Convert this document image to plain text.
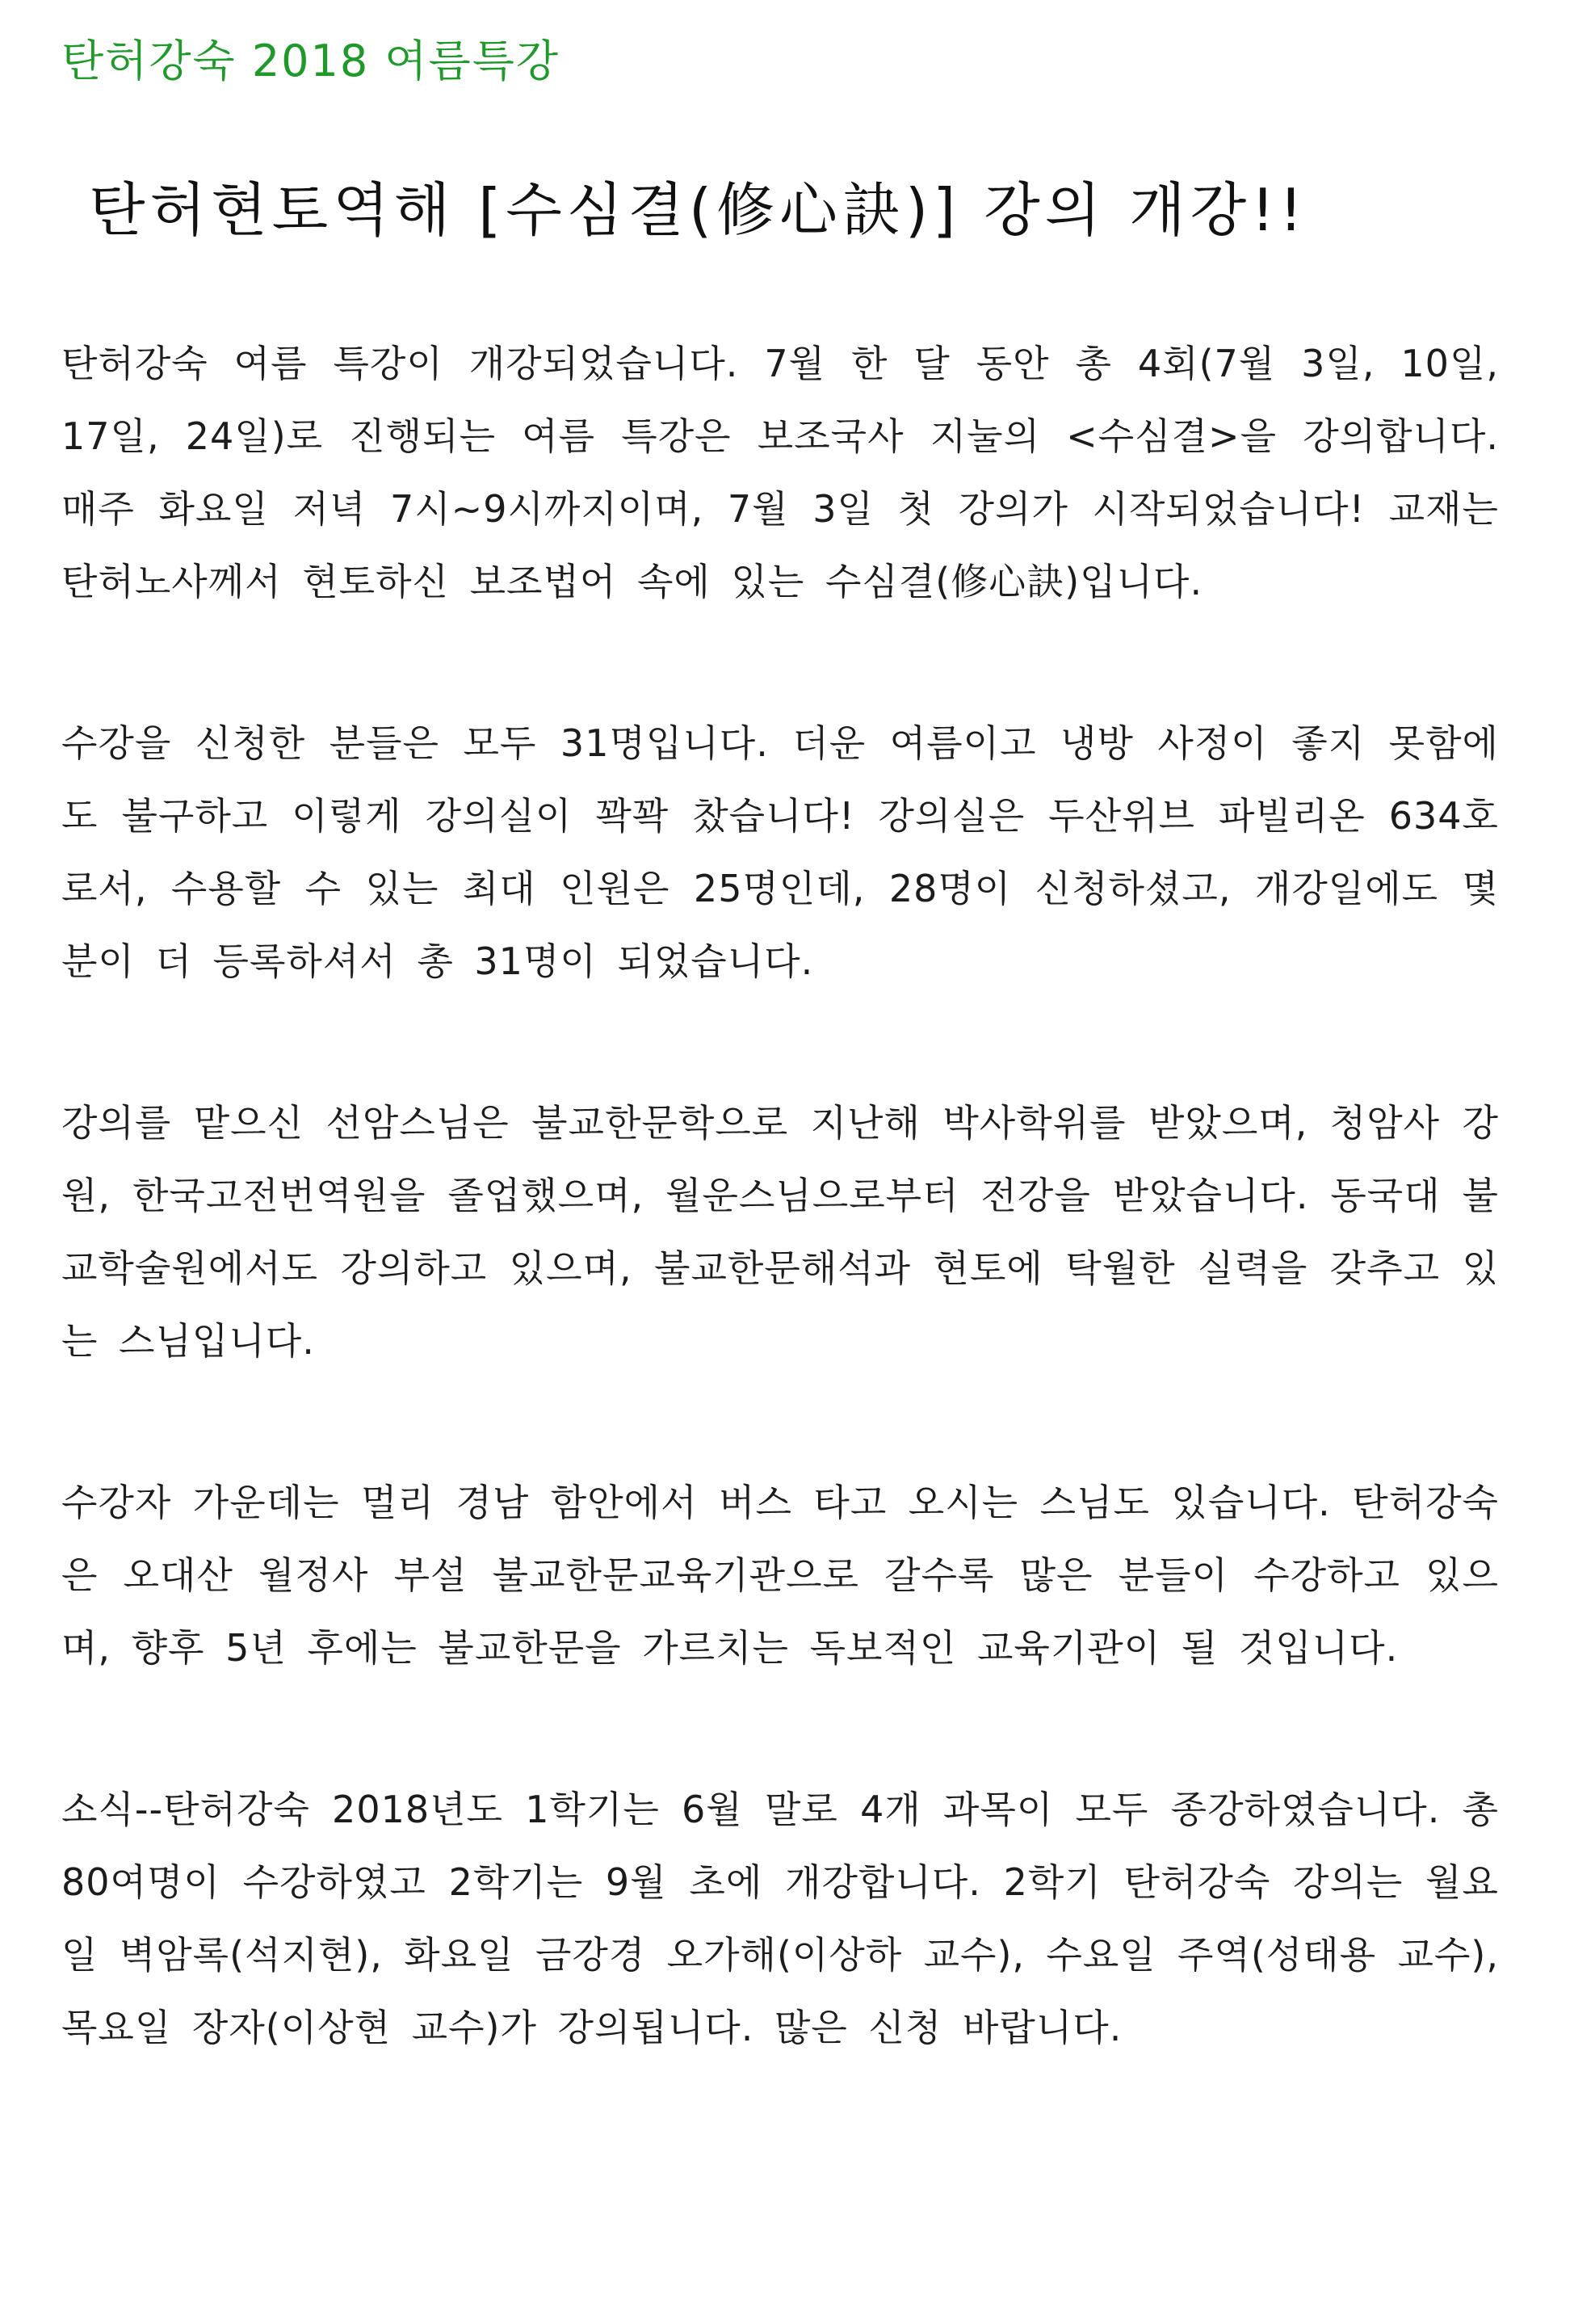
탄허강숙 2018 여름특강
탄허현토역해 [수심결(修心訣)] 강의 개강!!

탄허강숙 여름 특강이 개강되었습니다. 7월 한 달 동안 총 4회(7월 3일, 10일, 17일, 24일)로 진행되는 여름 특강은 보조국사 지눌의 <수심결>을 강의합니다. 매주 화요일 저녁 7시~9시까지이며, 7월 3일 첫 강의가 시작되었습니다! 교재는 탄허노사께서 현토하신 보조법어 속에 있는 수심결(修心訣)입니다.

수강을 신청한 분들은 모두 31명입니다. 더운 여름이고 냉방 사정이 좋지 못함에도 불구하고 이렇게 강의실이 꽉꽉 찼습니다! 강의실은 두산위브 파빌리온 634호로서, 수용할 수 있는 최대 인원은 25명인데, 28명이 신청하셨고, 개강일에도 몇 분이 더 등록하셔서 총 31명이 되었습니다.

강의를 맡으신 선암스님은 불교한문학으로 지난해 박사학위를 받았으며, 청암사 강원, 한국고전번역원을 졸업했으며, 월운스님으로부터 전강을 받았습니다. 동국대 불교학술원에서도 강의하고 있으며, 불교한문해석과 현토에 탁월한 실력을 갖추고 있는 스님입니다.

수강자 가운데는 멀리 경남 함안에서 버스 타고 오시는 스님도 있습니다. 탄허강숙은 오대산 월정사 부설 불교한문교육기관으로 갈수록 많은 분들이 수강하고 있으며, 향후 5년 후에는 불교한문을 가르치는 독보적인 교육기관이 될 것입니다.

소식--탄허강숙 2018년도 1학기는 6월 말로 4개 과목이 모두 종강하였습니다. 총 80여명이 수강하였고 2학기는 9월 초에 개강합니다. 2학기 탄허강숙 강의는 월요일 벽암록(석지현), 화요일 금강경 오가해(이상하 교수), 수요일 주역(성태용 교수), 목요일 장자(이상현 교수)가 강의됩니다. 많은 신청 바랍니다.
